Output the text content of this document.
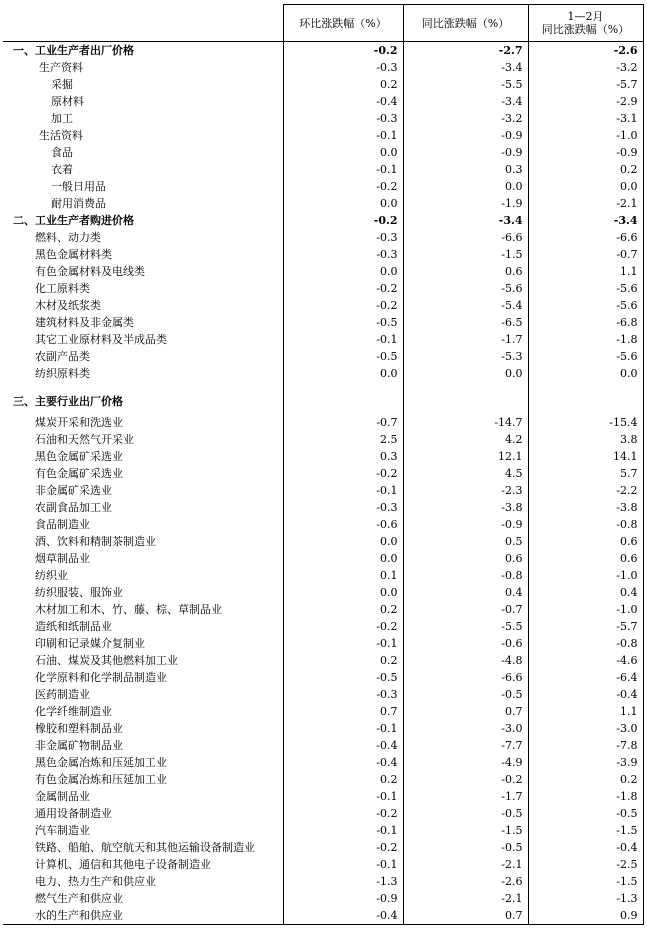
	环比涨跌幅（%）	同比涨跌幅（%）	1—2月
同比涨跌幅（%）
一、工业生产者出厂价格	-0.2	-2.7	-2.6
生产资料	-0.3	-3.4	-3.2
采掘	0.2	-5.5	-5.7
原材料	-0.4	-3.4	-2.9
加工	-0.3	-3.2	-3.1
生活资料	-0.1	-0.9	-1.0
食品	0.0	-0.9	-0.9
衣着	-0.1	0.3	0.2
一般日用品	-0.2	0.0	0.0
耐用消费品	0.0	-1.9	-2.1
二、工业生产者购进价格	-0.2	-3.4	-3.4
燃料、动力类	-0.3	-6.6	-6.6
黑色金属材料类	-0.3	-1.5	-0.7
有色金属材料及电线类	0.0	0.6	1.1
化工原料类	-0.2	-5.6	-5.6
木材及纸浆类	-0.2	-5.4	-5.6
建筑材料及非金属类	-0.5	-6.5	-6.8
其它工业原材料及半成品类	-0.1	-1.7	-1.8
农副产品类	-0.5	-5.3	-5.6
纺织原料类	0.0	0.0	0.0

三、主要行业出厂价格			
煤炭开采和洗选业	-0.7	-14.7	-15.4
石油和天然气开采业	2.5	4.2	3.8
黑色金属矿采选业	0.3	12.1	14.1
有色金属矿采选业	-0.2	4.5	5.7
非金属矿采选业	-0.1	-2.3	-2.2
农副食品加工业	-0.3	-3.8	-3.8
食品制造业	-0.6	-0.9	-0.8
酒、饮料和精制茶制造业	0.0	0.5	0.6
烟草制品业	0.0	0.6	0.6
纺织业	0.1	-0.8	-1.0
纺织服装、服饰业	0.0	0.4	0.4
木材加工和木、竹、藤、棕、草制品业	0.2	-0.7	-1.0
造纸和纸制品业	-0.2	-5.5	-5.7
印刷和记录媒介复制业	-0.1	-0.6	-0.8
石油、煤炭及其他燃料加工业	0.2	-4.8	-4.6
化学原料和化学制品制造业	-0.5	-6.6	-6.4
医药制造业	-0.3	-0.5	-0.4
化学纤维制造业	0.7	0.7	1.1
橡胶和塑料制品业	-0.1	-3.0	-3.0
非金属矿物制品业	-0.4	-7.7	-7.8
黑色金属冶炼和压延加工业	-0.4	-4.9	-3.9
有色金属冶炼和压延加工业	0.2	-0.2	0.2
金属制品业	-0.1	-1.7	-1.8
通用设备制造业	-0.2	-0.5	-0.5
汽车制造业	-0.1	-1.5	-1.5
铁路、船舶、航空航天和其他运输设备制造业	-0.2	-0.5	-0.4
计算机、通信和其他电子设备制造业	-0.1	-2.1	-2.5
电力、热力生产和供应业	-1.3	-2.6	-1.5
燃气生产和供应业	-0.9	-2.1	-1.3
水的生产和供应业	-0.4	0.7	0.9
